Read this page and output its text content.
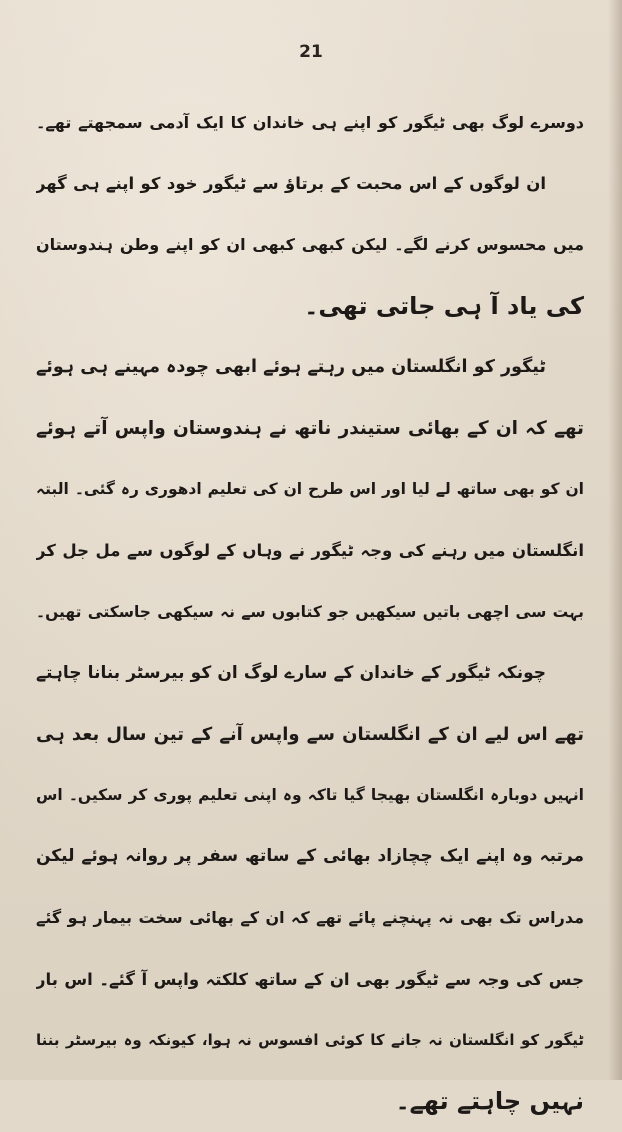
21
دوسرے لوگ بھی ٹیگور کو اپنے ہی خاندان کا ایک آدمی سمجھتے تھے۔
ان لوگوں کے اس محبت کے برتاؤ سے ٹیگور خود کو اپنے ہی گھر
میں محسوس کرنے لگے۔ لیکن کبھی کبھی ان کو اپنے وطن ہندوستان
کی یاد آ ہی جاتی تھی۔
ٹیگور کو انگلستان میں رہتے ہوئے ابھی چودہ مہینے ہی ہوئے
تھے کہ ان کے بھائی ستیندر ناتھ نے ہندوستان واپس آتے ہوئے
ان کو بھی ساتھ لے لیا اور اس طرح ان کی تعلیم ادھوری رہ گئی۔ البتہ
انگلستان میں رہنے کی وجہ ٹیگور نے وہاں کے لوگوں سے مل جل کر
بہت سی اچھی باتیں سیکھیں جو کتابوں سے نہ سیکھی جاسکتی تھیں۔
چونکہ ٹیگور کے خاندان کے سارے لوگ ان کو بیرسٹر بنانا چاہتے
تھے اس لیے ان کے انگلستان سے واپس آنے کے تین سال بعد ہی
انہیں دوبارہ انگلستان بھیجا گیا تاکہ وہ اپنی تعلیم پوری کر سکیں۔ اس
مرتبہ وہ اپنے ایک چچازاد بھائی کے ساتھ سفر پر روانہ ہوئے لیکن
مدراس تک بھی نہ پہنچنے پائے تھے کہ ان کے بھائی سخت بیمار ہو گئے
جس کی وجہ سے ٹیگور بھی ان کے ساتھ کلکتہ واپس آ گئے۔ اس بار
ٹیگور کو انگلستان نہ جانے کا کوئی افسوس نہ ہوا، کیونکہ وہ بیرسٹر بننا
نہیں چاہتے تھے۔
